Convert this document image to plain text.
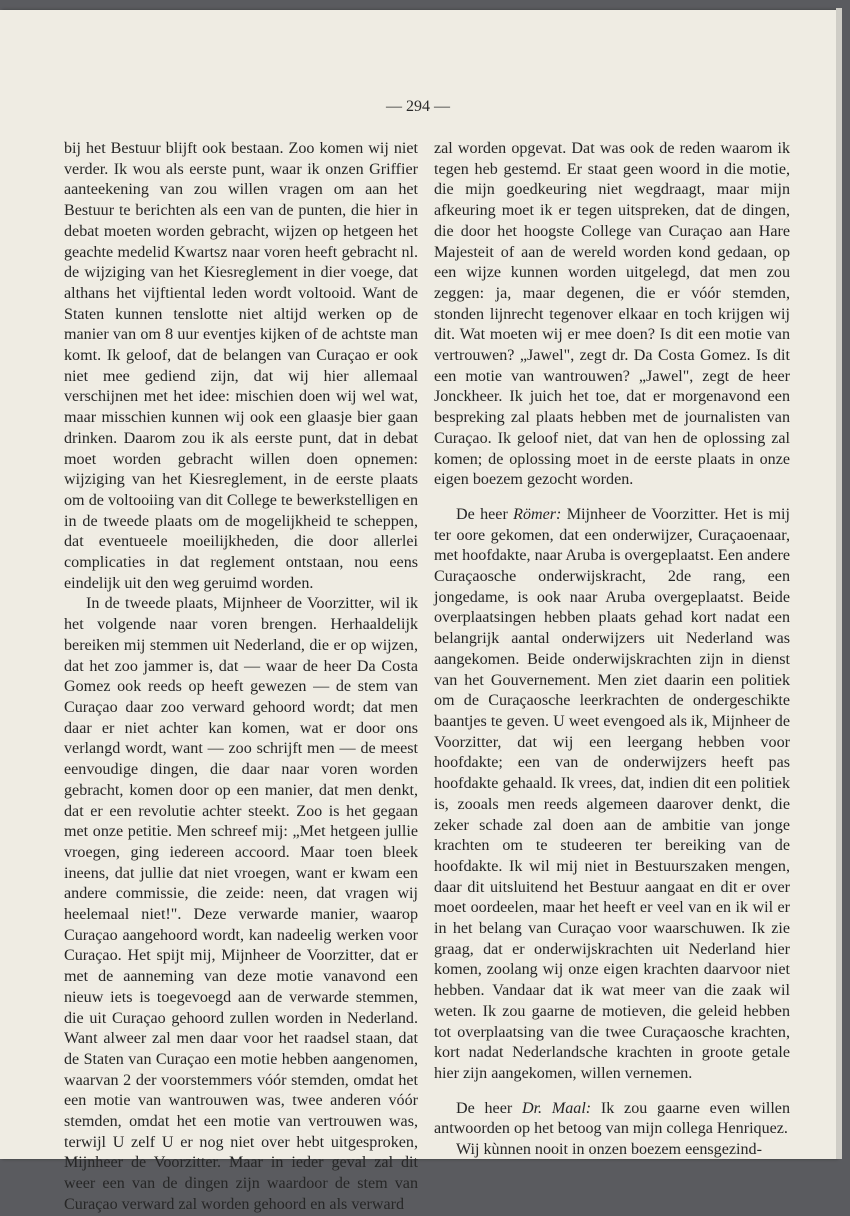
— 294 —

bij het Bestuur blijft ook bestaan. Zoo komen wij niet verder. Ik wou als eerste punt, waar ik onzen Griffier aanteekening van zou willen vragen om aan het Bestuur te berichten als een van de punten, die hier in debat moeten worden gebracht, wijzen op hetgeen het geachte medelid Kwartsz naar voren heeft gebracht nl. de wijziging van het Kiesreglement in dier voege, dat althans het vijftiental leden wordt voltooid. Want de Staten kunnen tenslotte niet altijd werken op de manier van om 8 uur eventjes kijken of de achtste man komt. Ik geloof, dat de belangen van Curaçao er ook niet mee gediend zijn, dat wij hier allemaal verschijnen met het idee: mischien doen wij wel wat, maar misschien kunnen wij ook een glaasje bier gaan drinken. Daarom zou ik als eerste punt, dat in debat moet worden gebracht willen doen opnemen: wijziging van het Kiesreglement, in de eerste plaats om de voltooiing van dit College te bewerkstelligen en in de tweede plaats om de mogelijkheid te scheppen, dat eventueele moeilijkheden, die door allerlei complicaties in dat reglement ontstaan, nou eens eindelijk uit den weg geruimd worden.

In de tweede plaats, Mijnheer de Voorzitter, wil ik het volgende naar voren brengen. Herhaaldelijk bereiken mij stemmen uit Nederland, die er op wijzen, dat het zoo jammer is, dat — waar de heer Da Costa Gomez ook reeds op heeft gewezen — de stem van Curaçao daar zoo verward gehoord wordt; dat men daar er niet achter kan komen, wat er door ons verlangd wordt, want — zoo schrijft men — de meest eenvoudige dingen, die daar naar voren worden gebracht, komen door op een manier, dat men denkt, dat er een revolutie achter steekt. Zoo is het gegaan met onze petitie. Men schreef mij: „Met hetgeen jullie vroegen, ging iedereen accoord. Maar toen bleek ineens, dat jullie dat niet vroegen, want er kwam een andere commissie, die zeide: neen, dat vragen wij heelemaal niet!". Deze verwarde manier, waarop Curaçao aangehoord wordt, kan nadeelig werken voor Curaçao. Het spijt mij, Mijnheer de Voorzitter, dat er met de aanneming van deze motie vanavond een nieuw iets is toegevoegd aan de verwarde stemmen, die uit Curaçao gehoord zullen worden in Nederland. Want alweer zal men daar voor het raadsel staan, dat de Staten van Curaçao een motie hebben aangenomen, waarvan 2 der voorstemmers vóór stemden, omdat het een motie van wantrouwen was, twee anderen vóór stemden, omdat het een motie van vertrouwen was, terwijl U zelf U er nog niet over hebt uitgesproken, Mijnheer de Voorzitter. Maar in ieder geval zal dit weer een van de dingen zijn waardoor de stem van Curaçao verward zal worden gehoord en als verward

zal worden opgevat. Dat was ook de reden waarom ik tegen heb gestemd. Er staat geen woord in die motie, die mijn goedkeuring niet wegdraagt, maar mijn afkeuring moet ik er tegen uitspreken, dat de dingen, die door het hoogste College van Curaçao aan Hare Majesteit of aan de wereld worden kond gedaan, op een wijze kunnen worden uitgelegd, dat men zou zeggen: ja, maar degenen, die er vóór stemden, stonden lijnrecht tegenover elkaar en toch krijgen wij dit. Wat moeten wij er mee doen? Is dit een motie van vertrouwen? „Jawel", zegt dr. Da Costa Gomez. Is dit een motie van wantrouwen? „Jawel", zegt de heer Jonckheer. Ik juich het toe, dat er morgenavond een bespreking zal plaats hebben met de journalisten van Curaçao. Ik geloof niet, dat van hen de oplossing zal komen; de oplossing moet in de eerste plaats in onze eigen boezem gezocht worden.

De heer Römer: Mijnheer de Voorzitter. Het is mij ter oore gekomen, dat een onderwijzer, Curaçaoenaar, met hoofdakte, naar Aruba is overgeplaatst. Een andere Curaçaosche onderwijskracht, 2de rang, een jongedame, is ook naar Aruba overgeplaatst. Beide overplaatsingen hebben plaats gehad kort nadat een belangrijk aantal onderwijzers uit Nederland was aangekomen. Beide onderwijskrachten zijn in dienst van het Gouvernement. Men ziet daarin een politiek om de Curaçaosche leerkrachten de ondergeschikte baantjes te geven. U weet evengoed als ik, Mijnheer de Voorzitter, dat wij een leergang hebben voor hoofdakte; een van de onderwijzers heeft pas hoofdakte gehaald. Ik vrees, dat, indien dit een politiek is, zooals men reeds algemeen daarover denkt, die zeker schade zal doen aan de ambitie van jonge krachten om te studeeren ter bereiking van de hoofdakte. Ik wil mij niet in Bestuurszaken mengen, daar dit uitsluitend het Bestuur aangaat en dit er over moet oordeelen, maar het heeft er veel van en ik wil er in het belang van Curaçao voor waarschuwen. Ik zie graag, dat er onderwijskrachten uit Nederland hier komen, zoolang wij onze eigen krachten daarvoor niet hebben. Vandaar dat ik wat meer van die zaak wil weten. Ik zou gaarne de motieven, die geleid hebben tot overplaatsing van die twee Curaçaosche krachten, kort nadat Nederlandsche krachten in groote getale hier zijn aangekomen, willen vernemen.

De heer Dr. Maal: Ik zou gaarne even willen antwoorden op het betoog van mijn collega Henriquez.

Wij kùnnen nooit in onzen boezem eensgezind-
